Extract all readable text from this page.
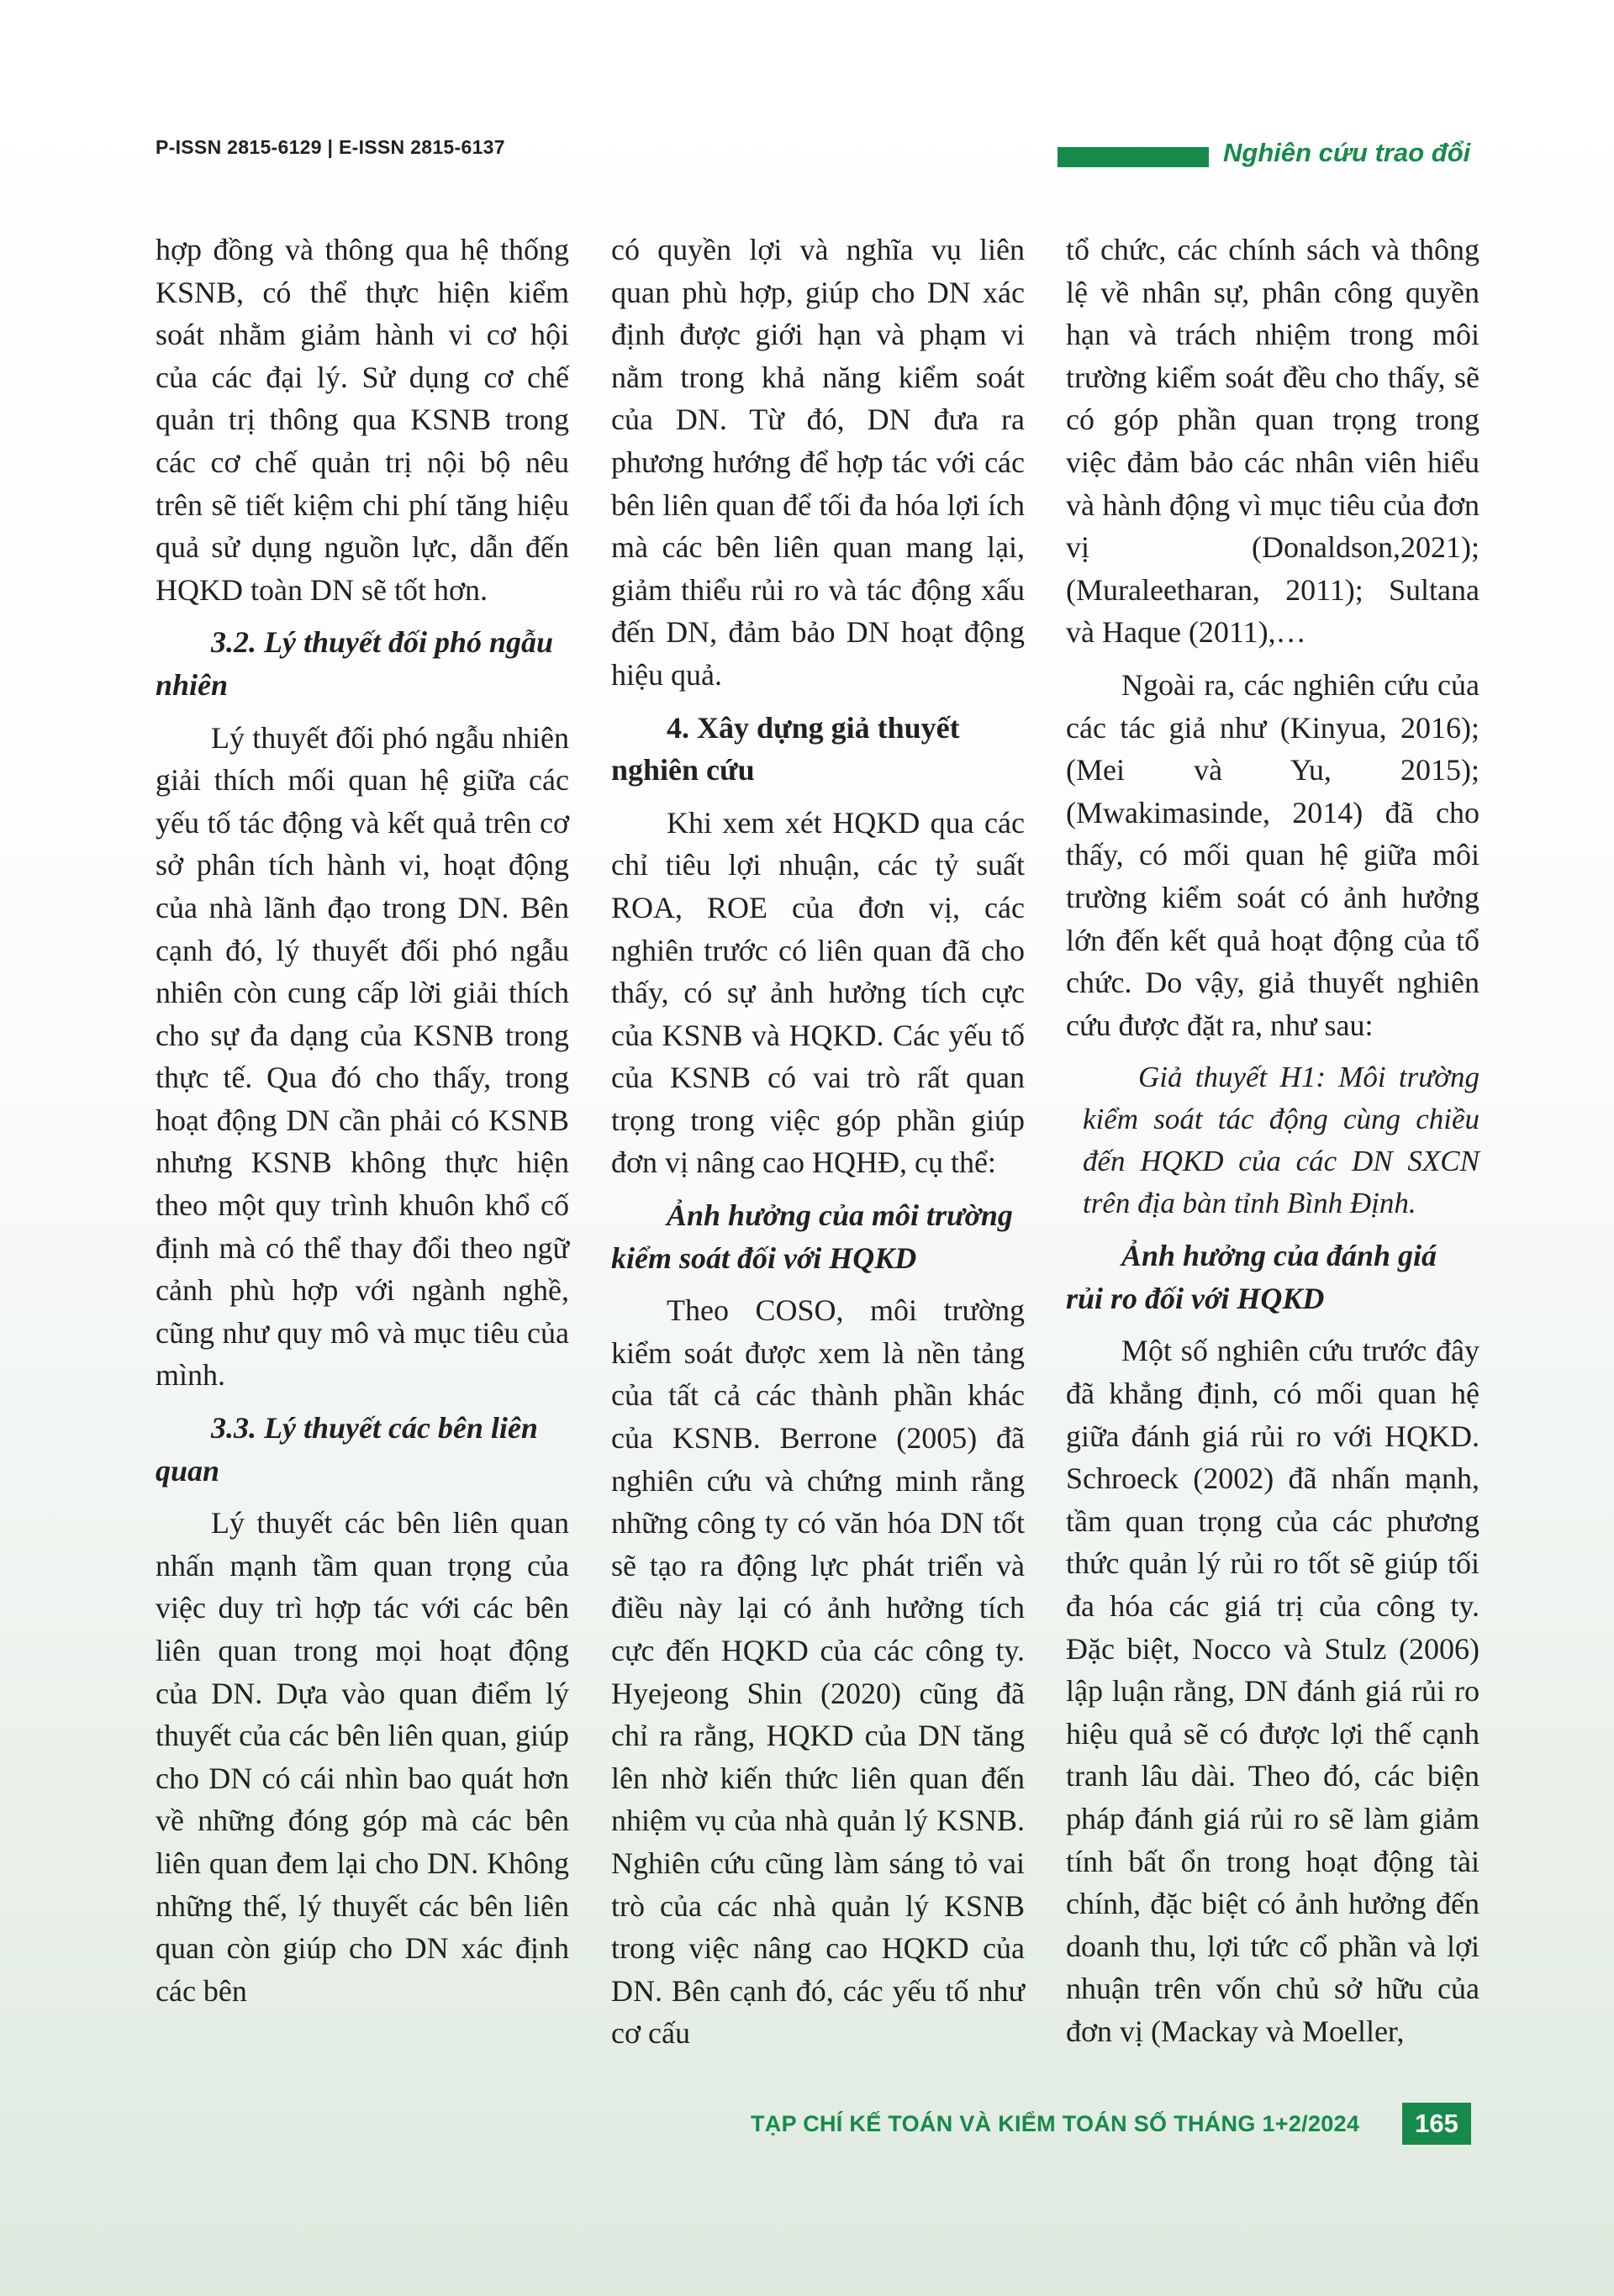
P-ISSN 2815-6129 | E-ISSN 2815-6137	Nghiên cứu trao đổi

hợp đồng và thông qua hệ thống KSNB, có thể thực hiện kiểm soát nhằm giảm hành vi cơ hội của các đại lý. Sử dụng cơ chế quản trị thông qua KSNB trong các cơ chế quản trị nội bộ nêu trên sẽ tiết kiệm chi phí tăng hiệu quả sử dụng nguồn lực, dẫn đến HQKD toàn DN sẽ tốt hơn.

3.2. Lý thuyết đối phó ngẫu nhiên

Lý thuyết đối phó ngẫu nhiên giải thích mối quan hệ giữa các yếu tố tác động và kết quả trên cơ sở phân tích hành vi, hoạt động của nhà lãnh đạo trong DN. Bên cạnh đó, lý thuyết đối phó ngẫu nhiên còn cung cấp lời giải thích cho sự đa dạng của KSNB trong thực tế. Qua đó cho thấy, trong hoạt động DN cần phải có KSNB nhưng KSNB không thực hiện theo một quy trình khuôn khổ cố định mà có thể thay đổi theo ngữ cảnh phù hợp với ngành nghề, cũng như quy mô và mục tiêu của mình.

3.3. Lý thuyết các bên liên quan

Lý thuyết các bên liên quan nhấn mạnh tầm quan trọng của việc duy trì hợp tác với các bên liên quan trong mọi hoạt động của DN. Dựa vào quan điểm lý thuyết của các bên liên quan, giúp cho DN có cái nhìn bao quát hơn về những đóng góp mà các bên liên quan đem lại cho DN. Không những thế, lý thuyết các bên liên quan còn giúp cho DN xác định các bên

có quyền lợi và nghĩa vụ liên quan phù hợp, giúp cho DN xác định được giới hạn và phạm vi nằm trong khả năng kiểm soát của DN. Từ đó, DN đưa ra phương hướng để hợp tác với các bên liên quan để tối đa hóa lợi ích mà các bên liên quan mang lại, giảm thiểu rủi ro và tác động xấu đến DN, đảm bảo DN hoạt động hiệu quả.

4. Xây dựng giả thuyết nghiên cứu

Khi xem xét HQKD qua các chỉ tiêu lợi nhuận, các tỷ suất ROA, ROE của đơn vị, các nghiên trước có liên quan đã cho thấy, có sự ảnh hưởng tích cực của KSNB và HQKD. Các yếu tố của KSNB có vai trò rất quan trọng trong việc góp phần giúp đơn vị nâng cao HQHĐ, cụ thể:

Ảnh hưởng của môi trường kiểm soát đối với HQKD

Theo COSO, môi trường kiểm soát được xem là nền tảng của tất cả các thành phần khác của KSNB. Berrone (2005) đã nghiên cứu và chứng minh rằng những công ty có văn hóa DN tốt sẽ tạo ra động lực phát triển và điều này lại có ảnh hưởng tích cực đến HQKD của các công ty. Hyejeong Shin (2020) cũng đã chỉ ra rằng, HQKD của DN tăng lên nhờ kiến thức liên quan đến nhiệm vụ của nhà quản lý KSNB. Nghiên cứu cũng làm sáng tỏ vai trò của các nhà quản lý KSNB trong việc nâng cao HQKD của DN. Bên cạnh đó, các yếu tố như cơ cấu

tổ chức, các chính sách và thông lệ về nhân sự, phân công quyền hạn và trách nhiệm trong môi trường kiểm soát đều cho thấy, sẽ có góp phần quan trọng trong việc đảm bảo các nhân viên hiểu và hành động vì mục tiêu của đơn vị (Donaldson,2021); (Muraleetharan, 2011); Sultana và Haque (2011),…

Ngoài ra, các nghiên cứu của các tác giả như (Kinyua, 2016); (Mei và Yu, 2015); (Mwakimasinde, 2014) đã cho thấy, có mối quan hệ giữa môi trường kiểm soát có ảnh hưởng lớn đến kết quả hoạt động của tổ chức. Do vậy, giả thuyết nghiên cứu được đặt ra, như sau:

Giả thuyết H1: Môi trường kiểm soát tác động cùng chiều đến HQKD của các DN SXCN trên địa bàn tỉnh Bình Định.

Ảnh hưởng của đánh giá rủi ro đối với HQKD

Một số nghiên cứu trước đây đã khẳng định, có mối quan hệ giữa đánh giá rủi ro với HQKD. Schroeck (2002) đã nhấn mạnh, tầm quan trọng của các phương thức quản lý rủi ro tốt sẽ giúp tối đa hóa các giá trị của công ty. Đặc biệt, Nocco và Stulz (2006) lập luận rằng, DN đánh giá rủi ro hiệu quả sẽ có được lợi thế cạnh tranh lâu dài. Theo đó, các biện pháp đánh giá rủi ro sẽ làm giảm tính bất ổn trong hoạt động tài chính, đặc biệt có ảnh hưởng đến doanh thu, lợi tức cổ phần và lợi nhuận trên vốn chủ sở hữu của đơn vị (Mackay và Moeller,

TẠP CHÍ KẾ TOÁN VÀ KIỂM TOÁN SỐ THÁNG 1+2/2024	165
